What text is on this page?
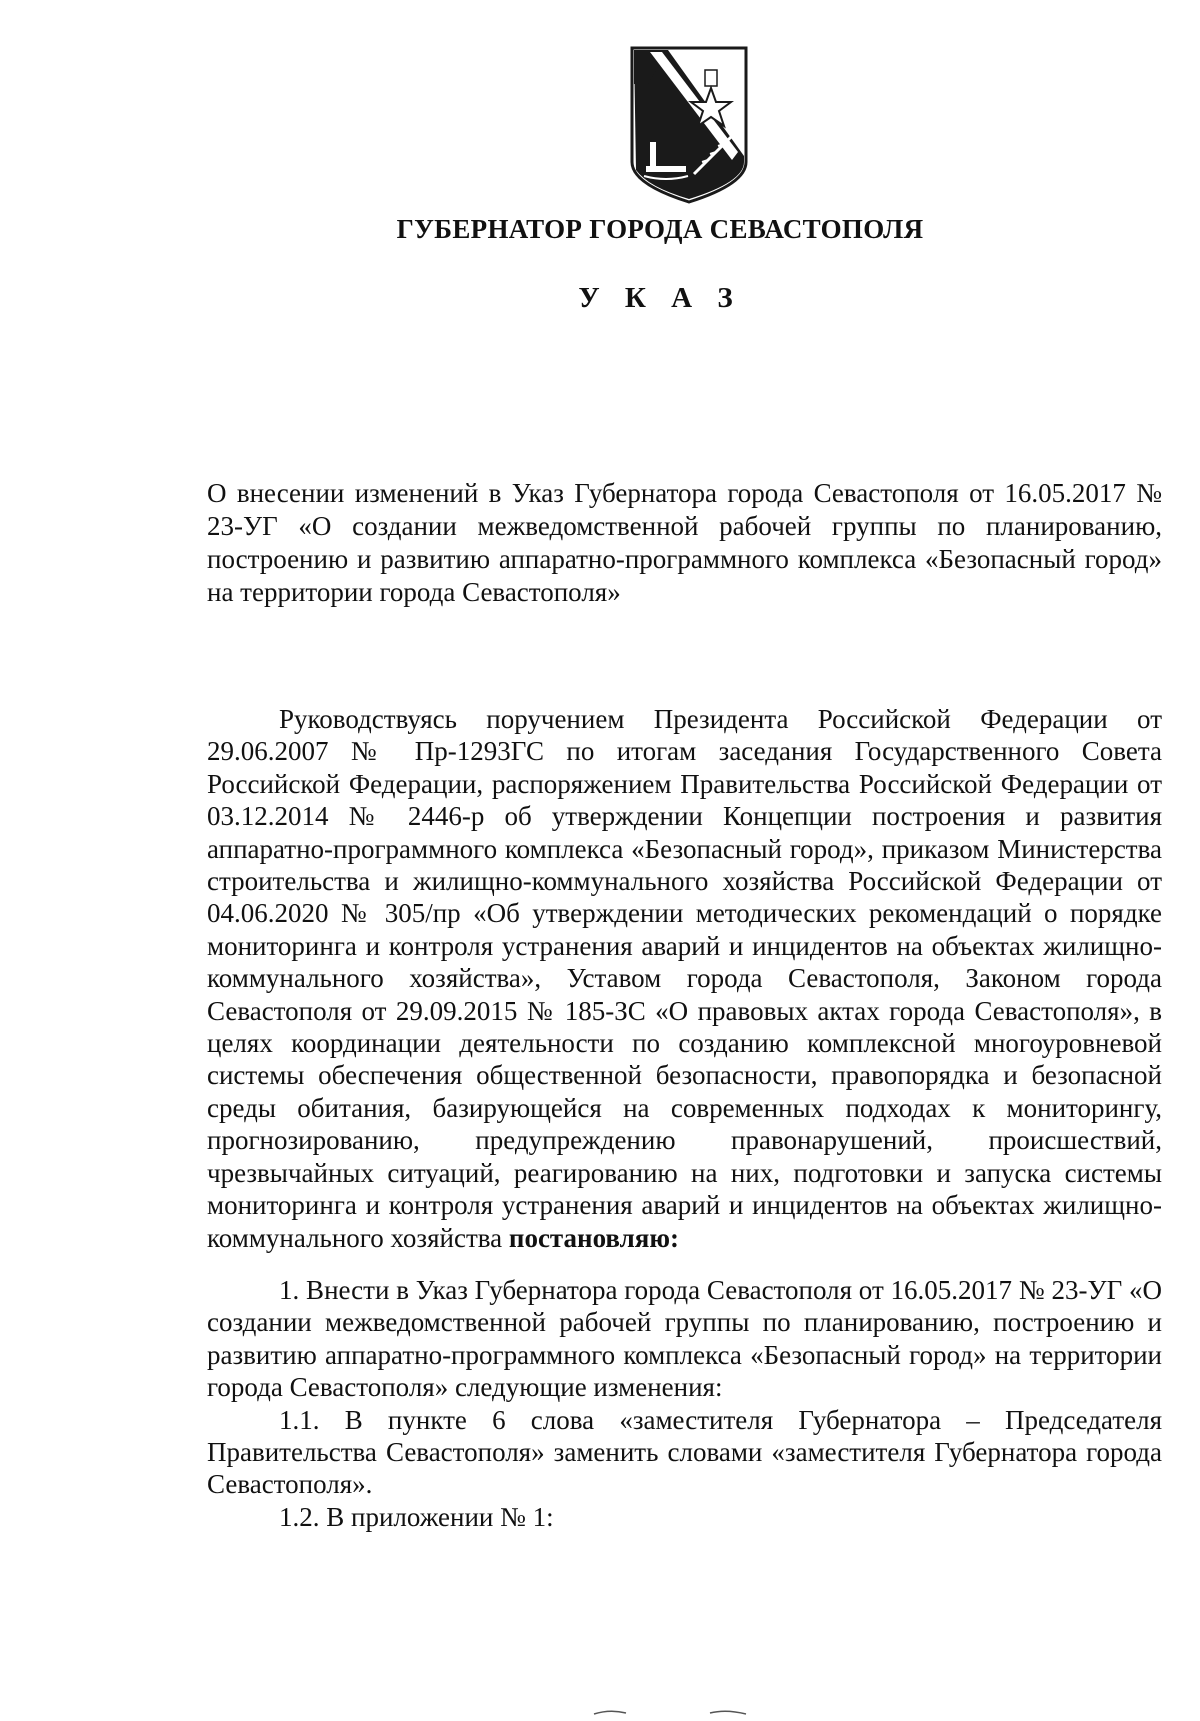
ГУБЕРНАТОР ГОРОДА СЕВАСТОПОЛЯ
У К А З
О внесении изменений в Указ Губернатора города Севастополя от 16.05.2017 № 23-УГ «О создании межведомственной рабочей группы по планированию, построению и развитию аппаратно-программного комплекса «Безопасный город» на территории города Севастополя»

Руководствуясь поручением Президента Российской Федерации от 29.06.2007 № Пр-1293ГС по итогам заседания Государственного Совета Российской Федерации, распоряжением Правительства Российской Федерации от 03.12.2014 № 2446-р об утверждении Концепции построения и развития аппаратно-программного комплекса «Безопасный город», приказом Министерства строительства и жилищно-коммунального хозяйства Российской Федерации от 04.06.2020 № 305/пр «Об утверждении методических рекомендаций о порядке мониторинга и контроля устранения аварий и инцидентов на объектах жилищно-коммунального хозяйства», Уставом города Севастополя, Законом города Севастополя от 29.09.2015 № 185-ЗС «О правовых актах города Севастополя», в целях координации деятельности по созданию комплексной многоуровневой системы обеспечения общественной безопасности, правопорядка и безопасной среды обитания, базирующейся на современных подходах к мониторингу, прогнозированию, предупреждению правонарушений, происшествий, чрезвычайных ситуаций, реагированию на них, подготовки и запуска системы мониторинга и контроля устранения аварий и инцидентов на объектах жилищно-коммунального хозяйства постановляю:

1. Внести в Указ Губернатора города Севастополя от 16.05.2017 № 23-УГ «О создании межведомственной рабочей группы по планированию, построению и развитию аппаратно-программного комплекса «Безопасный город» на территории города Севастополя» следующие изменения:

1.1. В пункте 6 слова «заместителя Губернатора – Председателя Правительства Севастополя» заменить словами «заместителя Губернатора города Севастополя».

1.2. В приложении № 1:
